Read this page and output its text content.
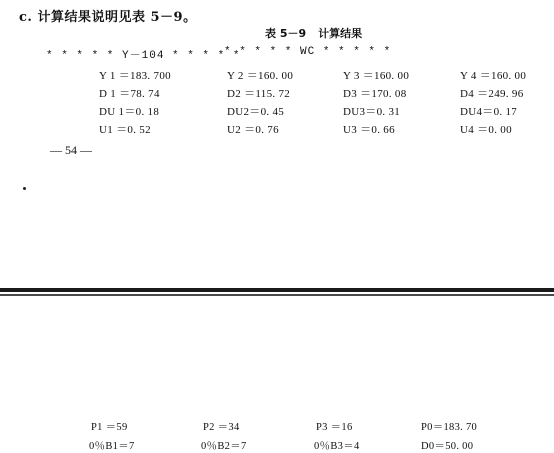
c. 计算结果说明见表 5－9。
表 5－9 计算结果
* * * * * Y－104 * * * * *
* * * * * WC * * * * *
Y 1 ＝183. 700	Y 2 ＝160. 00	Y 3 ＝160. 00	Y 4 ＝160. 00
D 1 ＝78. 74	D2 ＝115. 72	D3 ＝170. 08	D4 ＝249. 96
DU 1＝0. 18	DU2＝0. 45	DU3＝0. 31	DU4＝0. 17
U1 ＝0. 52	U2 ＝0. 76	U3 ＝0. 66	U4 ＝0. 00
— 54 —
P1 ＝59	P2 ＝34	P3 ＝16	P0＝183. 70
0％B1＝7	0％B2＝7	0％B3＝4	D0＝50. 00
